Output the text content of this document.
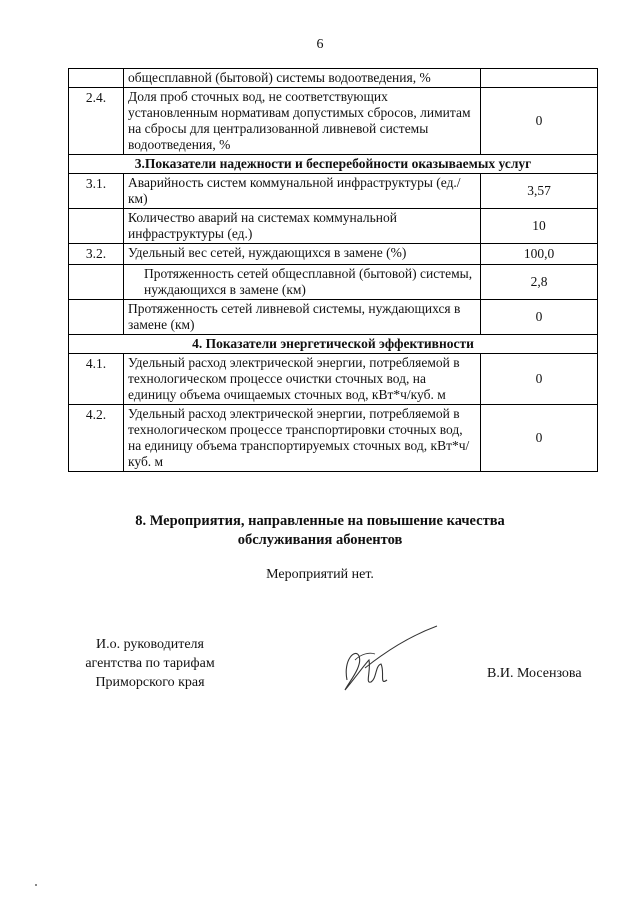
6
	общесплавной (бытовой) системы водоотведения, %	
2.4.	Доля проб сточных вод, не соответствующих установленным нормативам допустимых сбросов, лимитам на сбросы для централизованной ливневой системы водоотведения, %	0
3.Показатели надежности и бесперебойности оказываемых услуг		
3.1.	Аварийность систем коммунальной инфраструктуры (ед./км)	3,57
	Количество аварий на системах коммунальной инфраструктуры (ед.)	10
3.2.	Удельный вес сетей, нуждающихся в замене (%)	100,0
	Протяженность сетей общесплавной (бытовой) системы, нуждающихся в замене (км)	2,8
	Протяженность сетей ливневой системы, нуждающихся в замене (км)	0
4. Показатели энергетической эффективности		
4.1.	Удельный расход электрической энергии, потребляемой в технологическом процессе очистки сточных вод, на единицу объема очищаемых сточных вод, кВт*ч/куб. м	0
4.2.	Удельный расход электрической энергии, потребляемой в технологическом процессе транспортировки сточных вод, на единицу объема транспортируемых сточных вод, кВт*ч/куб. м	0
8. Мероприятия, направленные на повышение качества
обслуживания абонентов
Мероприятий нет.
И.о. руководителя
агентства по тарифам
Приморского края
В.И. Мосензова
